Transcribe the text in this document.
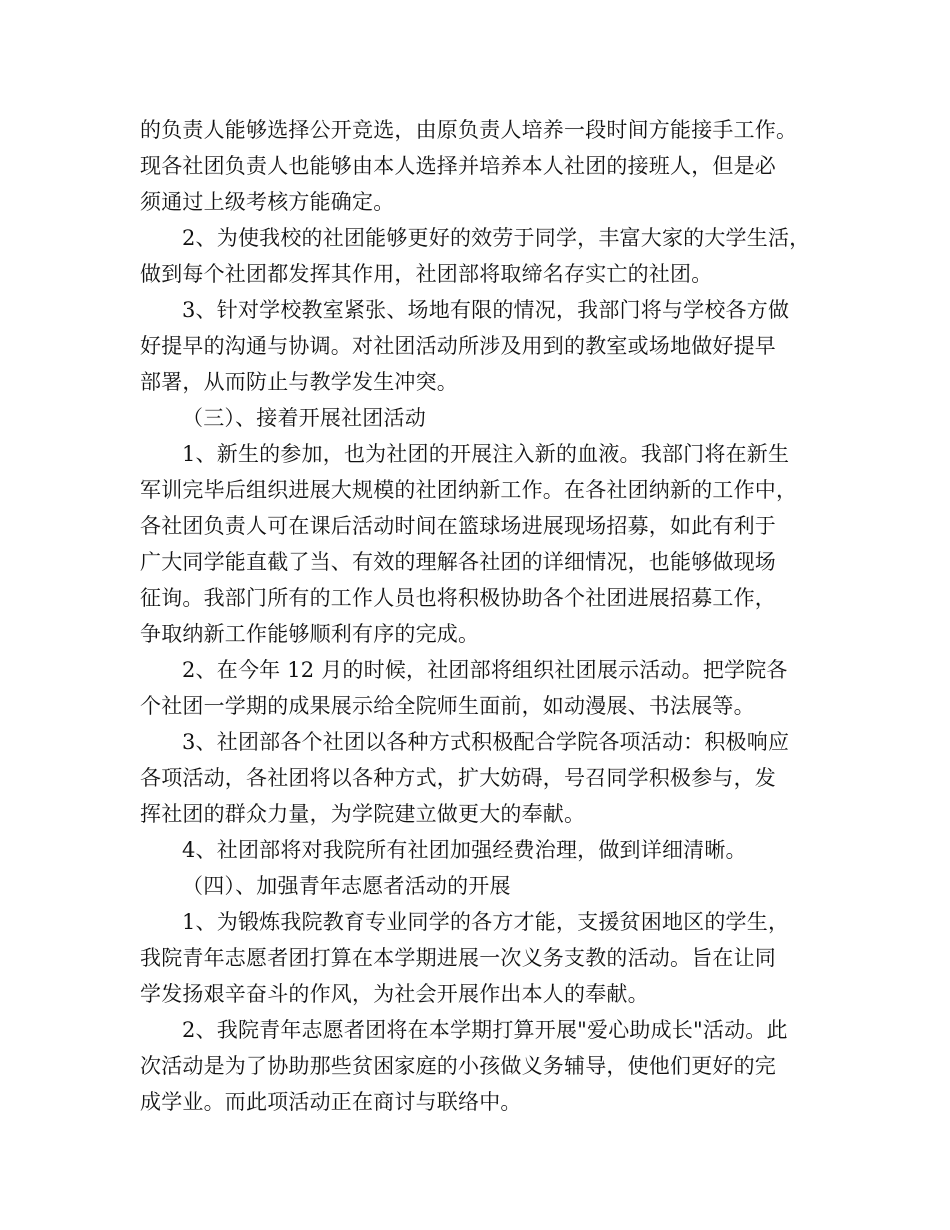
的负责人能够选择公开竞选，由原负责人培养一段时间方能接手工作。
现各社团负责人也能够由本人选择并培养本人社团的接班人，但是必
须通过上级考核方能确定。
2、为使我校的社团能够更好的效劳于同学，丰富大家的大学生活，
做到每个社团都发挥其作用，社团部将取缔名存实亡的社团。
3、针对学校教室紧张、场地有限的情况，我部门将与学校各方做
好提早的沟通与协调。对社团活动所涉及用到的教室或场地做好提早
部署，从而防止与教学发生冲突。
（三）、接着开展社团活动
1、新生的参加，也为社团的开展注入新的血液。我部门将在新生
军训完毕后组织进展大规模的社团纳新工作。在各社团纳新的工作中，
各社团负责人可在课后活动时间在篮球场进展现场招募，如此有利于
广大同学能直截了当、有效的理解各社团的详细情况，也能够做现场
征询。我部门所有的工作人员也将积极协助各个社团进展招募工作，
争取纳新工作能够顺利有序的完成。
2、在今年 12 月的时候，社团部将组织社团展示活动。把学院各
个社团一学期的成果展示给全院师生面前，如动漫展、书法展等。
3、社团部各个社团以各种方式积极配合学院各项活动：积极响应
各项活动，各社团将以各种方式，扩大妨碍，号召同学积极参与，发
挥社团的群众力量，为学院建立做更大的奉献。
4、社团部将对我院所有社团加强经费治理，做到详细清晰。
（四）、加强青年志愿者活动的开展
1、为锻炼我院教育专业同学的各方才能，支援贫困地区的学生，
我院青年志愿者团打算在本学期进展一次义务支教的活动。旨在让同
学发扬艰辛奋斗的作风，为社会开展作出本人的奉献。
2、我院青年志愿者团将在本学期打算开展"爱心助成长"活动。此
次活动是为了协助那些贫困家庭的小孩做义务辅导，使他们更好的完
成学业。而此项活动正在商讨与联络中。
